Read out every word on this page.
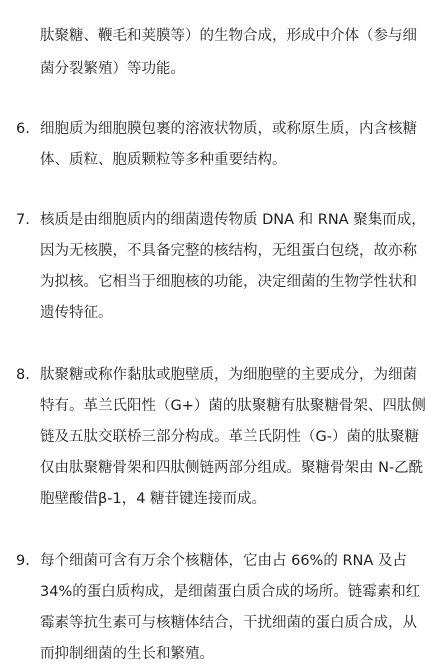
肽聚糖、鞭毛和荚膜等）的生物合成，形成中介体（参与细
菌分裂繁殖）等功能。
6. 细胞质为细胞膜包裹的溶液状物质，或称原生质，内含核糖
体、质粒、胞质颗粒等多种重要结构。
7. 核质是由细胞质内的细菌遗传物质 DNA 和 RNA 聚集而成，
因为无核膜，不具备完整的核结构，无组蛋白包绕，故亦称
为拟核。它相当于细胞核的功能，决定细菌的生物学性状和
遗传特征。
8. 肽聚糖或称作黏肽或胞壁质，为细胞壁的主要成分，为细菌
特有。革兰氏阳性（G+）菌的肽聚糖有肽聚糖骨架、四肽侧
链及五肽交联桥三部分构成。革兰氏阴性（G-）菌的肽聚糖
仅由肽聚糖骨架和四肽侧链两部分组成。聚糖骨架由 N-乙酰
胞壁酸借β-1，4 糖苷键连接而成。
9. 每个细菌可含有万余个核糖体，它由占 66%的 RNA 及占
34%的蛋白质构成，是细菌蛋白质合成的场所。链霉素和红
霉素等抗生素可与核糖体结合，干扰细菌的蛋白质合成，从
而抑制细菌的生长和繁殖。
